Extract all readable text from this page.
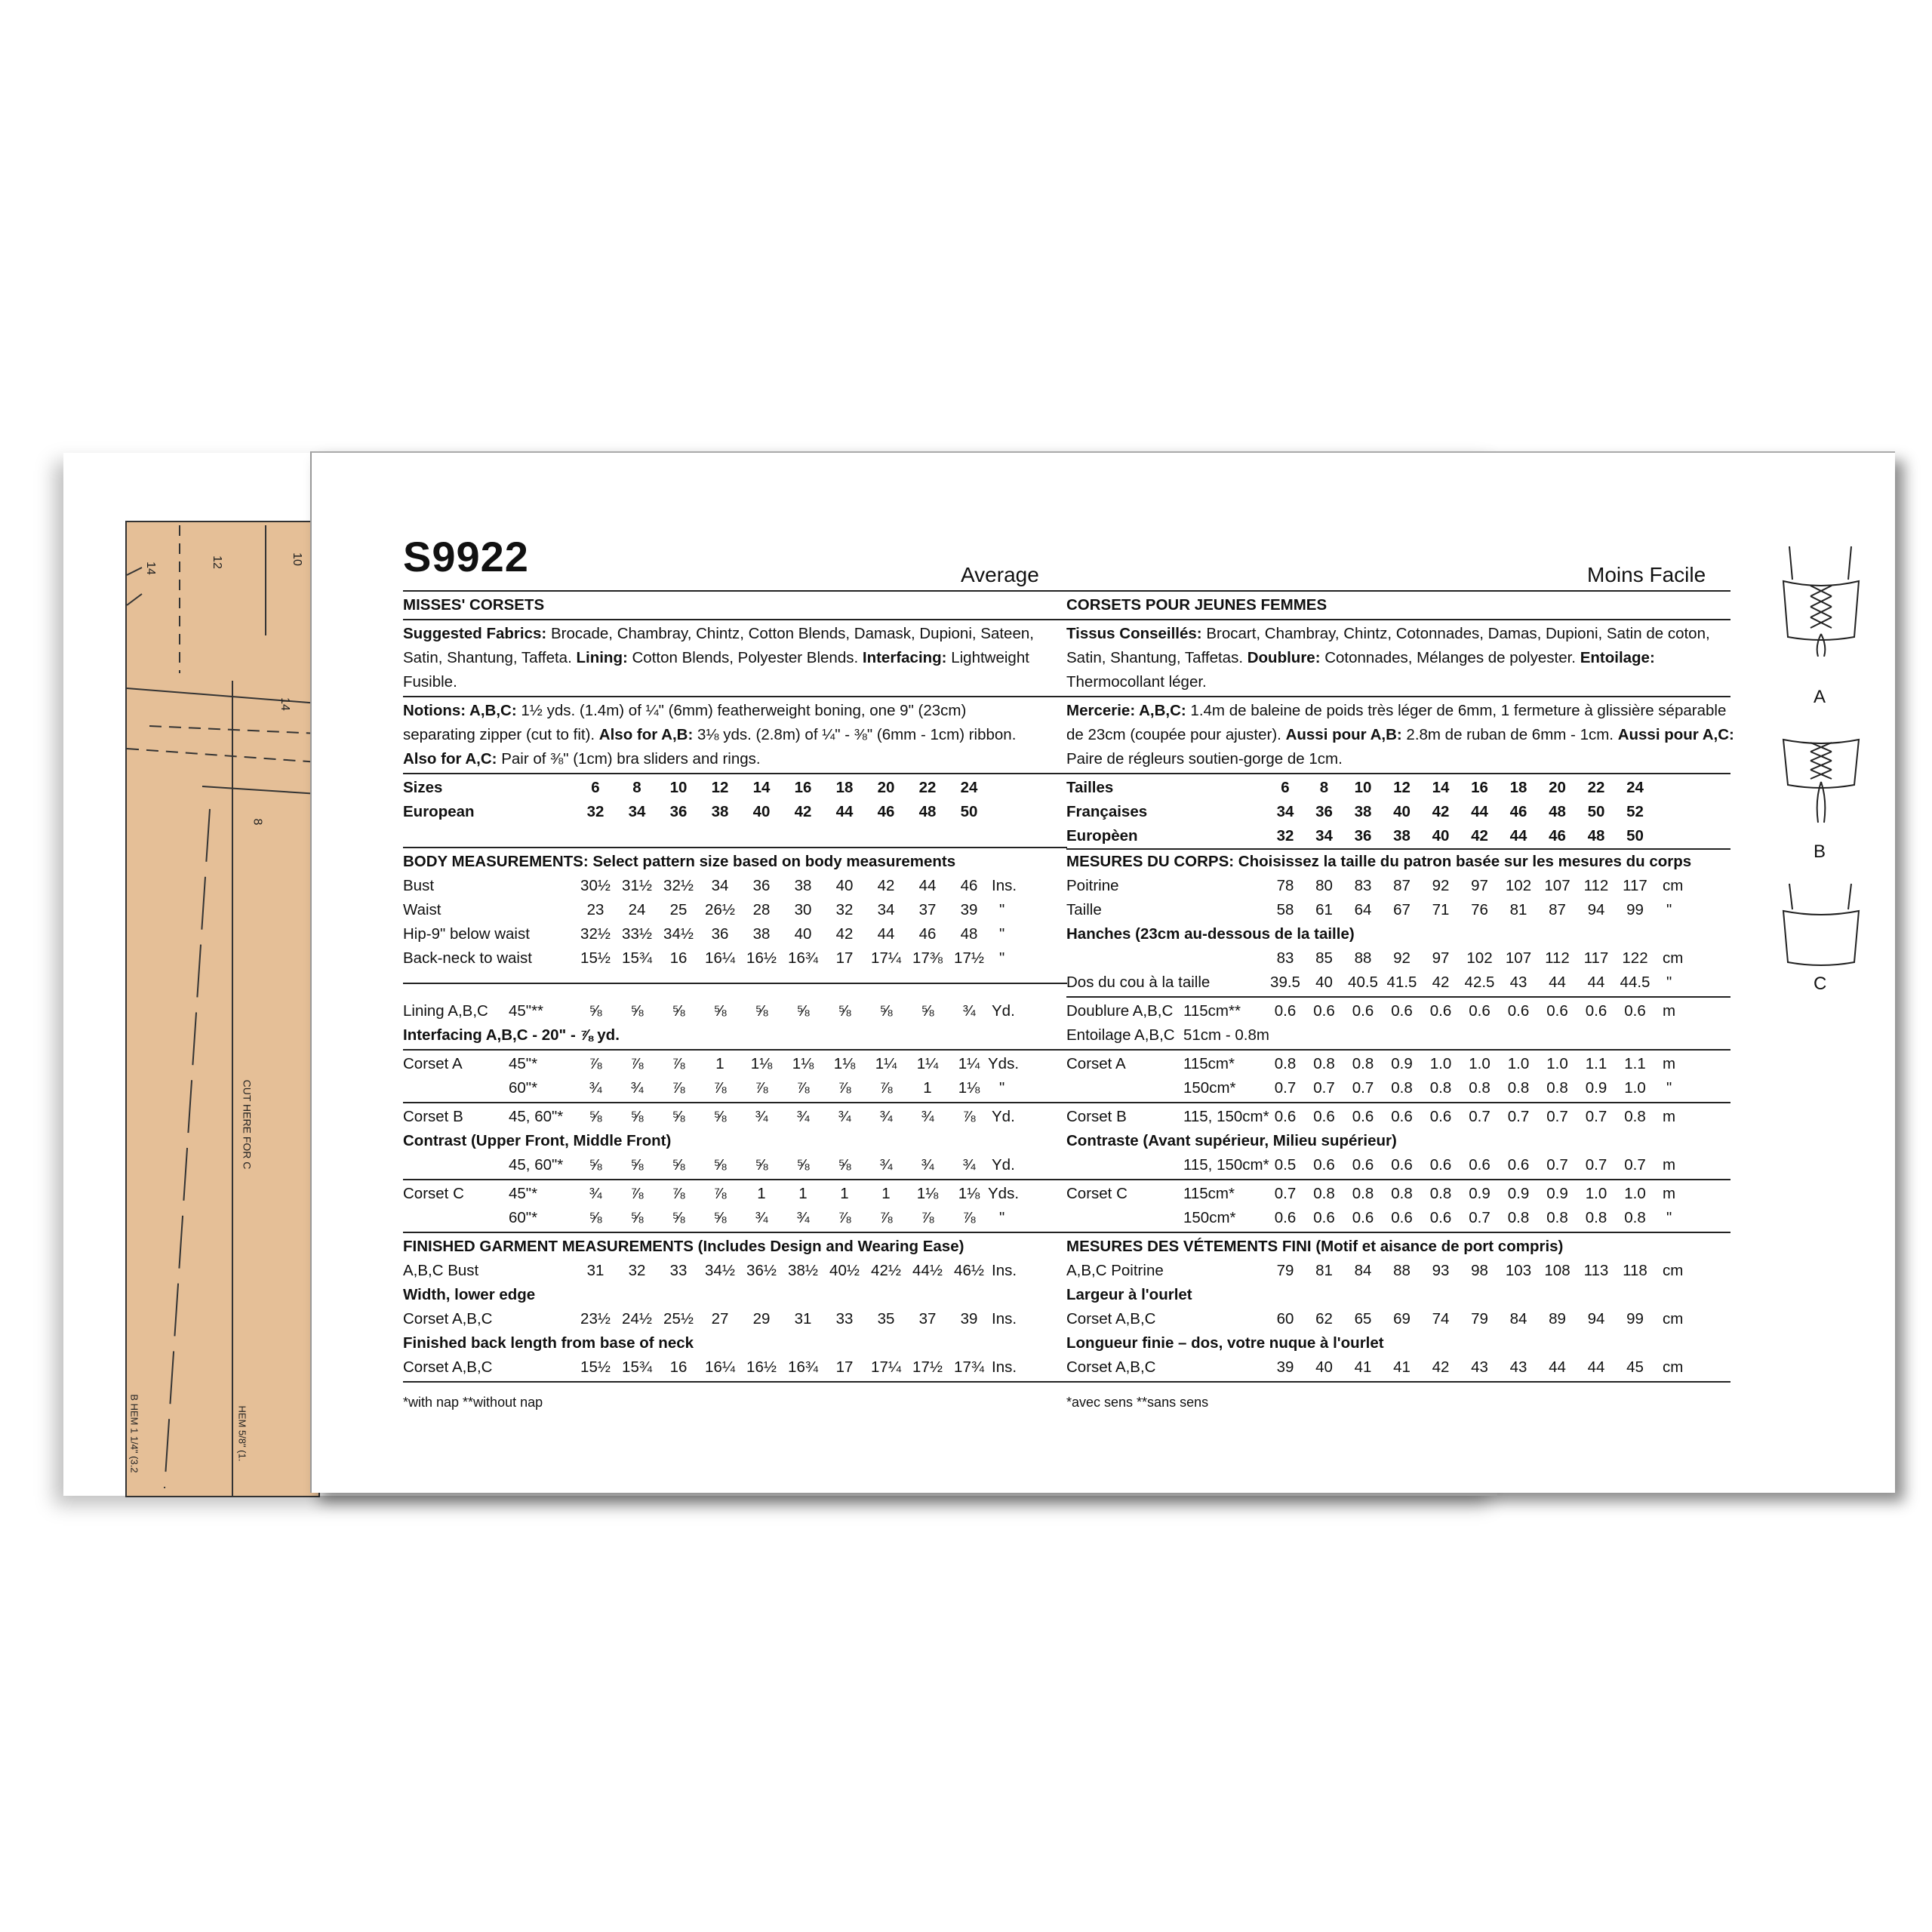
14	12	10
14
8
CUT HERE FOR C
B HEM 1 1/4" (3.2	HEM 5/8" (1.
S9922	Average	Moins Facile
MISSES' CORSETS
Suggested Fabrics: Brocade, Chambray, Chintz, Cotton Blends, Damask, Dupioni, Sateen,
Satin, Shantung, Taffeta. Lining: Cotton Blends, Polyester Blends. Interfacing: Lightweight
Fusible.
Notions: A,B,C: 1½ yds. (1.4m) of ¼" (6mm) featherweight boning, one 9" (23cm)
separating zipper (cut to fit). Also for A,B: 3⅛ yds. (2.8m) of ¼" - ⅜" (6mm - 1cm) ribbon.
Also for A,C: Pair of ⅜" (1cm) bra sliders and rings.
Sizes	6	8	10	12	14	16	18	20	22	24
European	32	34	36	38	40	42	44	46	48	50
BODY MEASUREMENTS: Select pattern size based on body measurements
Bust	30½ 31½ 32½	34	36	38	40	42	44	46 Ins.
Waist	23	24	25	26½	28	30	32	34	37	39	"
Hip-9" below waist	32½ 33½ 34½	36	38	40	42	44	46	48	"
Back-neck to waist	15½ 15¾	16	16¼ 16½ 16¾	17	17¼ 17⅜ 17½ "
Lining A,B,C 45"**	⅝	⅝	⅝	⅝	⅝	⅝	⅝	⅝	⅝	¾	Yd.
Interfacing A,B,C - 20" - ⅞ yd.
Corset A	45"*	⅞	⅞	⅞	1	1⅛	1⅛	1⅛	1¼	1¼	1¼ Yds.
60"*	¾	¾	⅞	⅞	⅞	⅞	⅞	⅞	1	1⅛	"
Corset B	45, 60"*	⅝	⅝	⅝	⅝	¾	¾	¾	¾	¾	⅞	Yd.
Contrast (Upper Front, Middle Front)
45, 60"*	⅝	⅝	⅝	⅝	⅝	⅝	⅝	¾	¾	¾	Yd.
Corset C	45"*	¾	⅞	⅞	⅞	1	1	1	1	1⅛	1⅛ Yds.
60"*	⅝	⅝	⅝	⅝	¾	¾	⅞	⅞	⅞	⅞	"
FINISHED GARMENT MEASUREMENTS (Includes Design and Wearing Ease)
A,B,C Bust	31	32	33	34½ 36½ 38½ 40½ 42½ 44½ 46½ Ins.
Width, lower edge
Corset A,B,C	23½ 24½ 25½	27	29	31	33	35	37	39 Ins.
Finished back length from base of neck
Corset A,B,C	15½ 15¾	16	16¼ 16½ 16¾	17	17¼ 17½ 17¾ Ins.
*with nap **without nap
CORSETS POUR JEUNES FEMMES
Tissus Conseillés: Brocart, Chambray, Chintz, Cotonnades, Damas, Dupioni, Satin de coton,
Satin, Shantung, Taffetas. Doublure: Cotonnades, Mélanges de polyester. Entoilage:
Thermocollant léger.
Mercerie: A,B,C: 1.4m de baleine de poids très léger de 6mm, 1 fermeture à glissière séparable
de 23cm (coupée pour ajuster). Aussi pour A,B: 2.8m de ruban de 6mm - 1cm. Aussi pour A,C:
Paire de régleurs soutien-gorge de 1cm.
Tailles	6	8	10	12	14	16	18	20	22	24
Françaises	34	36	38	40	42	44	46	48	50	52
Europèen	32	34	36	38	40	42	44	46	48	50
MESURES DU CORPS: Choisissez la taille du patron basée sur les mesures du corps
Poitrine	78	80	83	87	92	97	102 107 112 117 cm
Taille	58	61	64	67	71	76	81	87	94	99	"
Hanches (23cm au-dessous de la taille)
83	85	88	92	97	102 107 112 117 122 cm
Dos du cou à la taille	39.5 40 40.5 41.5 42 42.5 43	44	44 44.5	"
Doublure A,B,C 115cm**	0.6	0.6	0.6	0.6	0.6	0.6	0.6	0.6	0.6	0.6	m
Entoilage A,B,C 51cm - 0.8m
Corset A	115cm*	0.8	0.8	0.8	0.9	1.0	1.0	1.0	1.0	1.1	1.1	m
150cm*	0.7	0.7	0.7	0.8	0.8	0.8	0.8	0.8	0.9	1.0	"
Corset B	115, 150cm* 0.6	0.6	0.6	0.6	0.6	0.7	0.7	0.7	0.7	0.8	m
Contraste (Avant supérieur, Milieu supérieur)
115, 150cm* 0.5	0.6	0.6	0.6	0.6	0.6	0.6	0.7	0.7	0.7	m
Corset C	115cm*	0.7	0.8	0.8	0.8	0.8	0.9	0.9	0.9	1.0	1.0	m
150cm*	0.6	0.6	0.6	0.6	0.6	0.7	0.8	0.8	0.8	0.8	"
MESURES DES VÉTEMENTS FINI (Motif et aisance de port compris)
A,B,C Poitrine	79	81	84	88	93	98	103 108 113 118 cm
Largeur à l'ourlet
Corset A,B,C	60	62	65	69	74	79	84	89	94	99	cm
Longueur finie – dos, votre nuque à l'ourlet
Corset A,B,C	39	40	41	41	42	43	43	44	44	45	cm
*avec sens **sans sens
A
B
C
